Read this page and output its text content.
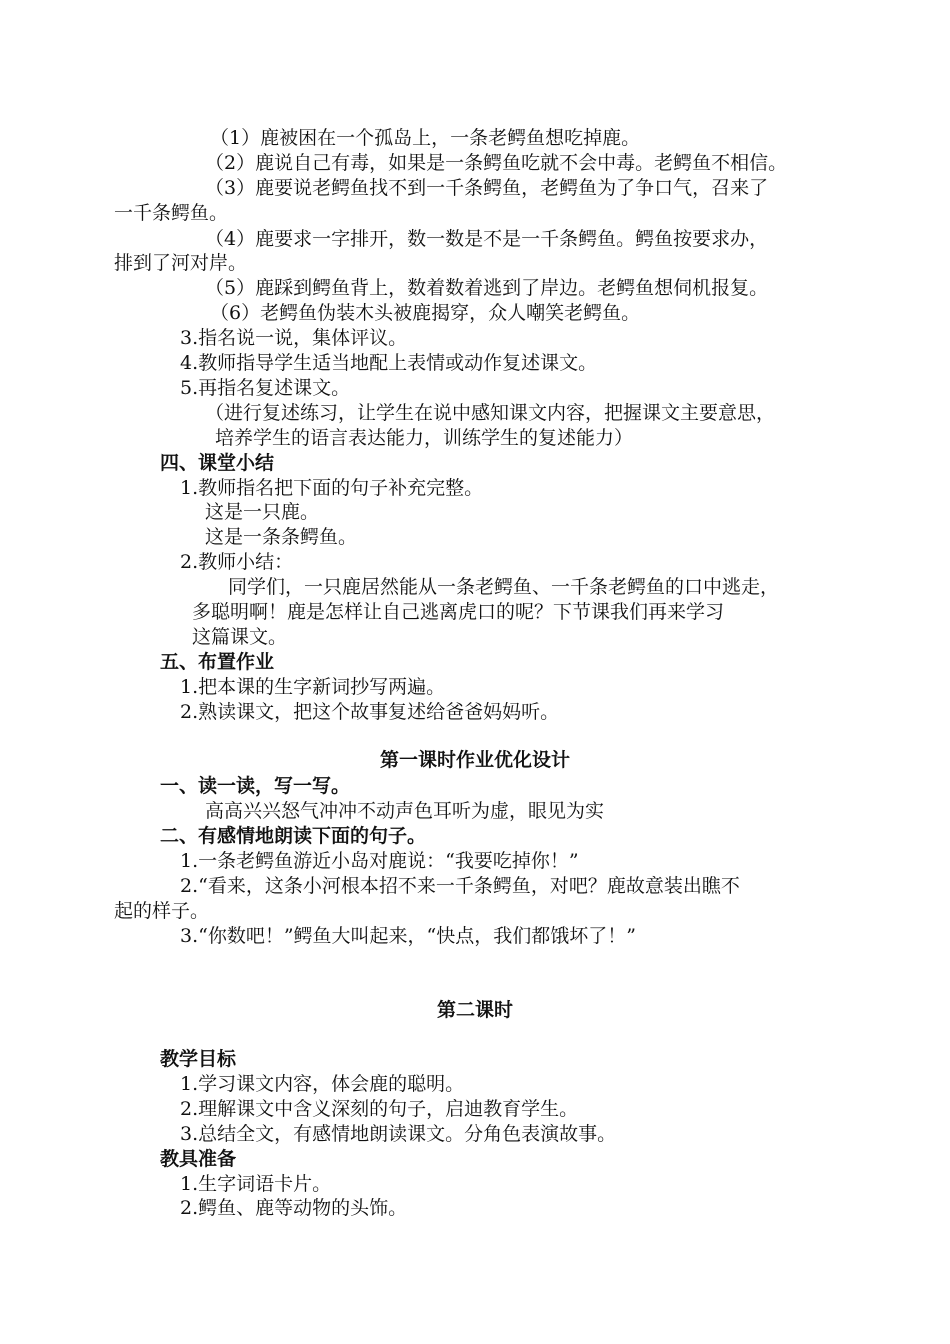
（1）鹿被困在一个孤岛上，一条老鳄鱼想吃掉鹿。
（2）鹿说自己有毒，如果是一条鳄鱼吃就不会中毒。老鳄鱼不相信。
（3）鹿要说老鳄鱼找不到一千条鳄鱼，老鳄鱼为了争口气，召来了
一千条鳄鱼。
（4）鹿要求一字排开，数一数是不是一千条鳄鱼。鳄鱼按要求办，
排到了河对岸。
（5）鹿踩到鳄鱼背上，数着数着逃到了岸边。老鳄鱼想伺机报复。
（6）老鳄鱼伪装木头被鹿揭穿，众人嘲笑老鳄鱼。
3.指名说一说，集体评议。
4.教师指导学生适当地配上表情或动作复述课文。
5.再指名复述课文。
（进行复述练习，让学生在说中感知课文内容，把握课文主要意思，
培养学生的语言表达能力，训练学生的复述能力）
四、课堂小结
1.教师指名把下面的句子补充完整。
这是一只鹿。
这是一条条鳄鱼。
2.教师小结：
同学们，一只鹿居然能从一条老鳄鱼、一千条老鳄鱼的口中逃走，
多聪明啊！鹿是怎样让自己逃离虎口的呢？下节课我们再来学习
这篇课文。
五、布置作业
1.把本课的生字新词抄写两遍。
2.熟读课文，把这个故事复述给爸爸妈妈听。
第一课时作业优化设计
一、读一读，写一写。
高高兴兴怒气冲冲不动声色耳听为虚，眼见为实
二、有感情地朗读下面的句子。
1.一条老鳄鱼游近小岛对鹿说：“我要吃掉你！”
2.“看来，这条小河根本招不来一千条鳄鱼，对吧？鹿故意装出瞧不
起的样子。
3.“你数吧！”鳄鱼大叫起来，“快点，我们都饿坏了！”
第二课时
教学目标
1.学习课文内容，体会鹿的聪明。
2.理解课文中含义深刻的句子，启迪教育学生。
3.总结全文，有感情地朗读课文。分角色表演故事。
教具准备
1.生字词语卡片。
2.鳄鱼、鹿等动物的头饰。
